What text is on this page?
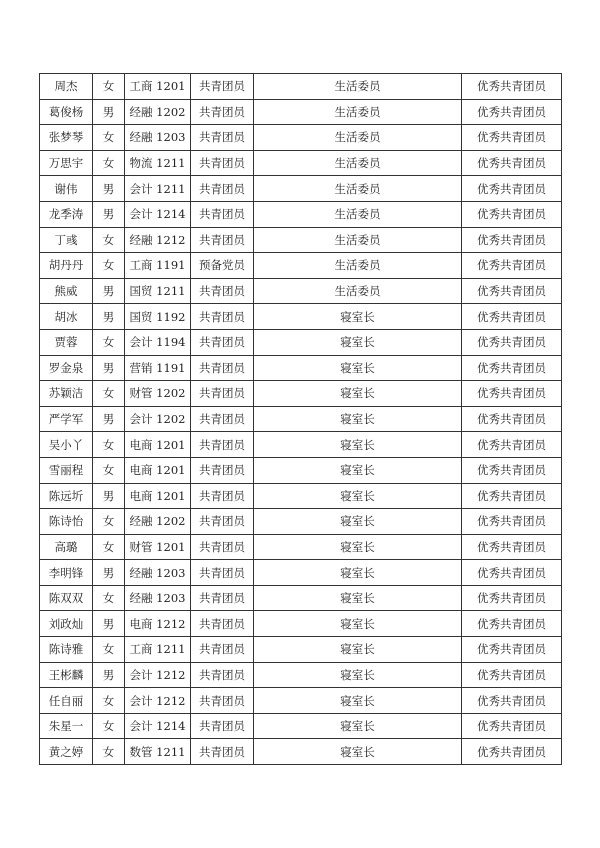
周杰	女	工商 1201	共青团员	生活委员	优秀共青团员
葛俊杨	男	经融 1202	共青团员	生活委员	优秀共青团员
张梦琴	女	经融 1203	共青团员	生活委员	优秀共青团员
万思宇	女	物流 1211	共青团员	生活委员	优秀共青团员
谢伟	男	会计 1211	共青团员	生活委员	优秀共青团员
龙季涛	男	会计 1214	共青团员	生活委员	优秀共青团员
丁彧	女	经融 1212	共青团员	生活委员	优秀共青团员
胡丹丹	女	工商 1191	预备党员	生活委员	优秀共青团员
熊威	男	国贸 1211	共青团员	生活委员	优秀共青团员
胡冰	男	国贸 1192	共青团员	寝室长	优秀共青团员
贾蓉	女	会计 1194	共青团员	寝室长	优秀共青团员
罗金泉	男	营销 1191	共青团员	寝室长	优秀共青团员
苏颖洁	女	财管 1202	共青团员	寝室长	优秀共青团员
严学军	男	会计 1202	共青团员	寝室长	优秀共青团员
吴小丫	女	电商 1201	共青团员	寝室长	优秀共青团员
雪丽程	女	电商 1201	共青团员	寝室长	优秀共青团员
陈远圻	男	电商 1201	共青团员	寝室长	优秀共青团员
陈诗怡	女	经融 1202	共青团员	寝室长	优秀共青团员
高璐	女	财管 1201	共青团员	寝室长	优秀共青团员
李明锋	男	经融 1203	共青团员	寝室长	优秀共青团员
陈双双	女	经融 1203	共青团员	寝室长	优秀共青团员
刘政灿	男	电商 1212	共青团员	寝室长	优秀共青团员
陈诗雅	女	工商 1211	共青团员	寝室长	优秀共青团员
王彬麟	男	会计 1212	共青团员	寝室长	优秀共青团员
任自丽	女	会计 1212	共青团员	寝室长	优秀共青团员
朱星一	女	会计 1214	共青团员	寝室长	优秀共青团员
黄之婷	女	数管 1211	共青团员	寝室长	优秀共青团员
